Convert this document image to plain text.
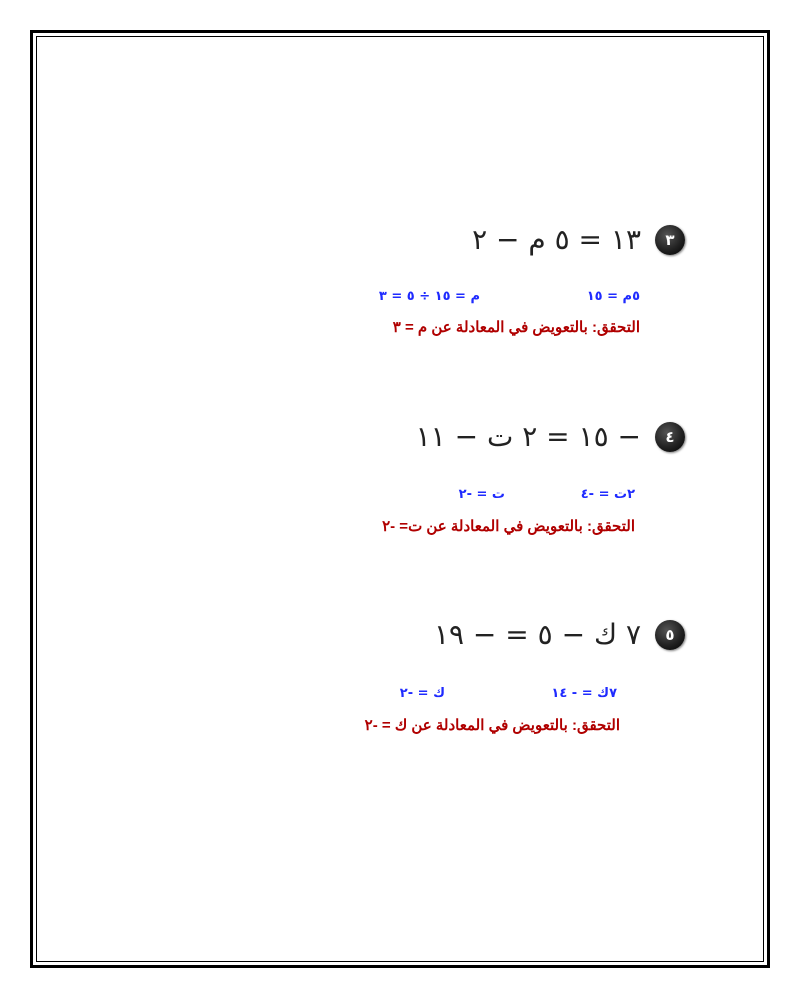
٣
١٣ = ٥ م − ٢
٥م = ١٥
م = ١٥ ÷ ٥ = ٣
التحقق: بالتعويض في المعادلة عن م = ٣
٤
− ١٥ = ٢ ت − ١١
٢ت = -٤
ت = -٢
التحقق: بالتعويض في المعادلة عن ت= -٢
٥
٧ ك − ٥ = − ١٩
٧ك = - ١٤
ك = -٢
التحقق: بالتعويض في المعادلة عن ك = -٢
